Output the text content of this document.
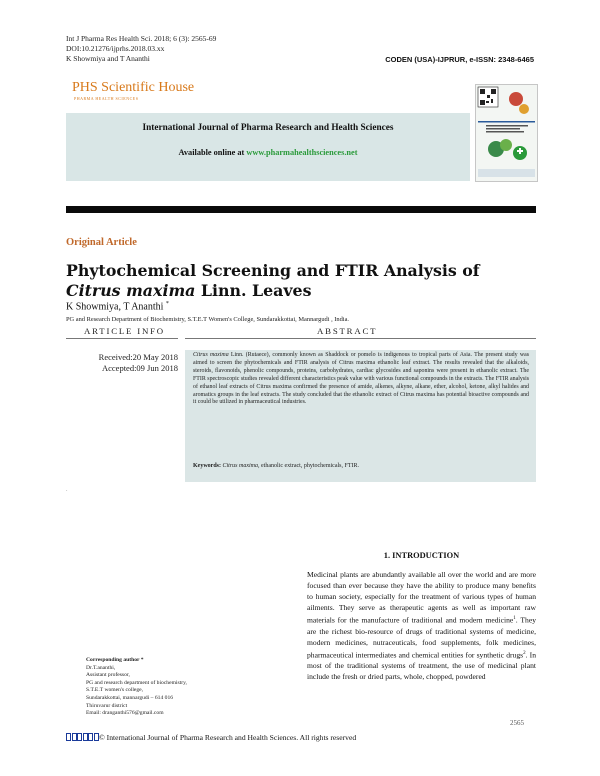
Int J Pharma Res Health Sci. 2018; 6 (3): 2565-69
DOI:10.21276/ijprhs.2018.03.xx
K Showmiya and T Ananthi	CODEN (USA)-IJPRUR, e-ISSN: 2348-6465
PHS Scientific House
PHARMA HEALTH SCIENCES
International Journal of Pharma Research and Health Sciences
Available online at www.pharmahealthsciences.net
Original Article
Phytochemical Screening and FTIR Analysis of Citrus maxima Linn. Leaves
K Showmiya, T Ananthi *
PG and Research Department of Biochemistry, S.T.E.T Women's College, Sundarakkottai, Mannargudi , India.
ARTICLE INFO	ABSTRACT
Received:20 May 2018
Accepted:09 Jun 2018
Citrus maxima Linn. (Rutaece), commonly known as Shaddock or pomelo is indigenous to tropical parts of Asia. The present study was aimed to screen the phytochemicals and FTIR analysis of Citrus maxima ethanolic leaf extract. The results revealed that the alkaloids, steroids, flavonoids, phenolic compounds, proteins, carbohydrates, cardiac glycosides and saponins were present in ethanolic extract. The FTIR spectroscopic studies revealed different characteristics peak value with various functional compounds in the extracts. The FTIR analysis of ethanol leaf extracts of Citrus maxima confirmed the presence of amide, alkenes, alkyne, alkane, ether, alcohol, ketone, alkyl halides and aromatics groups in the leaf extracts. The study concluded that the ethanolic extract of Citrus maxima has potential bioactive compounds and it could be utilized in pharmaceutical industries.
Keywords: Citrus maxima, ethanolic extract, phytochemicals, FTIR.
.
1. INTRODUCTION
Medicinal plants are abundantly available all over the world and are more focused than ever because they have the ability to produce many benefits to human society, especially for the treatment of various types of human ailments. They serve as therapeutic agents as well as important raw materials for the manufacture of traditional and modern medicine$^1$. They are the richest bio-resource of drugs of traditional systems of medicine, modern medicines, nutraceuticals, food supplements, folk medicines, pharmaceutical intermediates and chemical entities for synthetic drugs$^2$. In most of the traditional systems of treatment, the use of medicinal plant include the fresh or dried parts, whole, chopped, powdered
Corresponding author *
Dr.T.ananthi,
Assistant professor,
PG and research department of biochemistry,
S.T.E.T women's college,
Sundarakkottai, mannargudi – 614 016
Thiruvarur district
Email: dranganthi576@gmail.com
2565
© International Journal of Pharma Research and Health Sciences. All rights reserved
